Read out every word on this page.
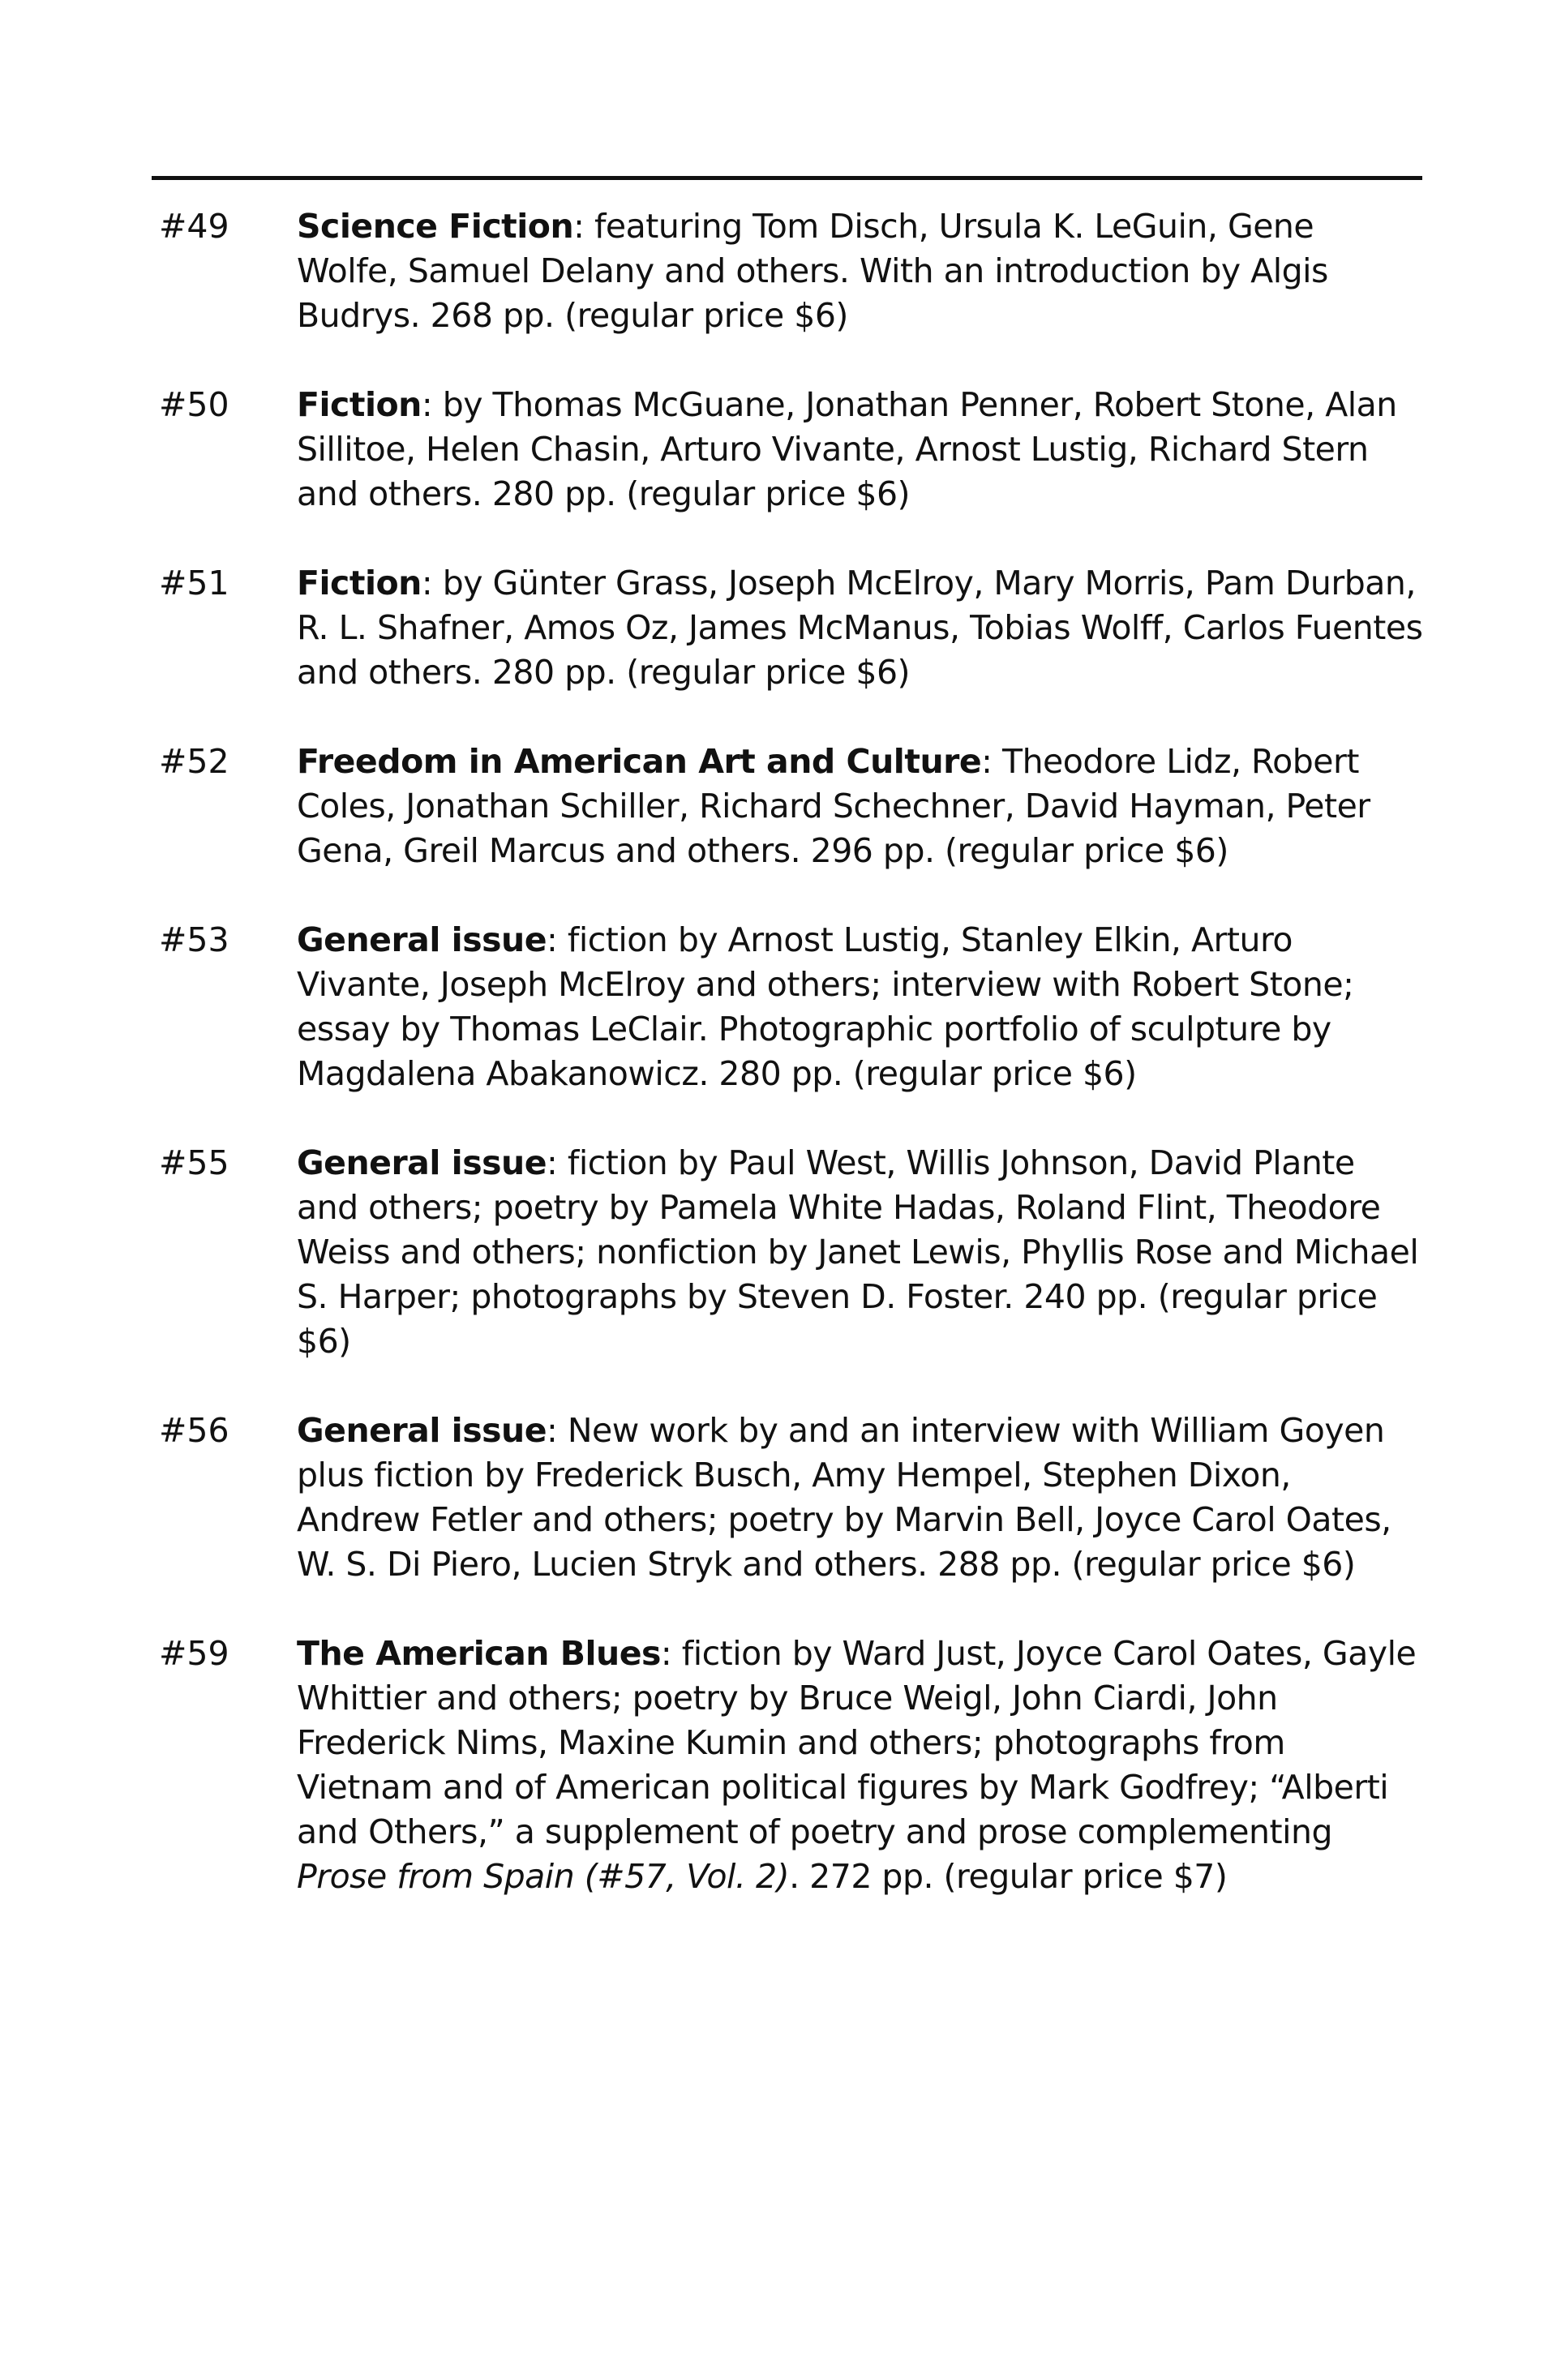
#49	Science Fiction: featuring Tom Disch, Ursula K. LeGuin, Gene Wolfe, Samuel Delany and others. With an introduction by Algis Budrys. 268 pp. (regular price $6)
#50	Fiction: by Thomas McGuane, Jonathan Penner, Robert Stone, Alan Sillitoe, Helen Chasin, Arturo Vivante, Arnost Lustig, Richard Stern and others. 280 pp. (regular price $6)
#51	Fiction: by Günter Grass, Joseph McElroy, Mary Morris, Pam Durban, R. L. Shafner, Amos Oz, James McManus, Tobias Wolff, Carlos Fuentes and others. 280 pp. (regular price $6)
#52	Freedom in American Art and Culture: Theodore Lidz, Robert Coles, Jonathan Schiller, Richard Schechner, David Hayman, Peter Gena, Greil Marcus and others. 296 pp. (regular price $6)
#53	General issue: fiction by Arnost Lustig, Stanley Elkin, Arturo Vivante, Joseph McElroy and others; interview with Robert Stone; essay by Thomas LeClair. Photographic portfolio of sculpture by Magdalena Abakanowicz. 280 pp. (regular price $6)
#55	General issue: fiction by Paul West, Willis Johnson, David Plante and others; poetry by Pamela White Hadas, Roland Flint, Theodore Weiss and others; nonfiction by Janet Lewis, Phyllis Rose and Michael S. Harper; photographs by Steven D. Foster. 240 pp. (regular price $6)
#56	General issue: New work by and an interview with William Goyen plus fiction by Frederick Busch, Amy Hempel, Stephen Dixon, Andrew Fetler and others; poetry by Marvin Bell, Joyce Carol Oates, W. S. Di Piero, Lucien Stryk and others. 288 pp. (regular price $6)
#59	The American Blues: fiction by Ward Just, Joyce Carol Oates, Gayle Whittier and others; poetry by Bruce Weigl, John Ciardi, John Frederick Nims, Maxine Kumin and others; photographs from Vietnam and of American political figures by Mark Godfrey; “Alberti and Others,” a supplement of poetry and prose complementing Prose from Spain (#57, Vol. 2). 272 pp. (regular price $7)
